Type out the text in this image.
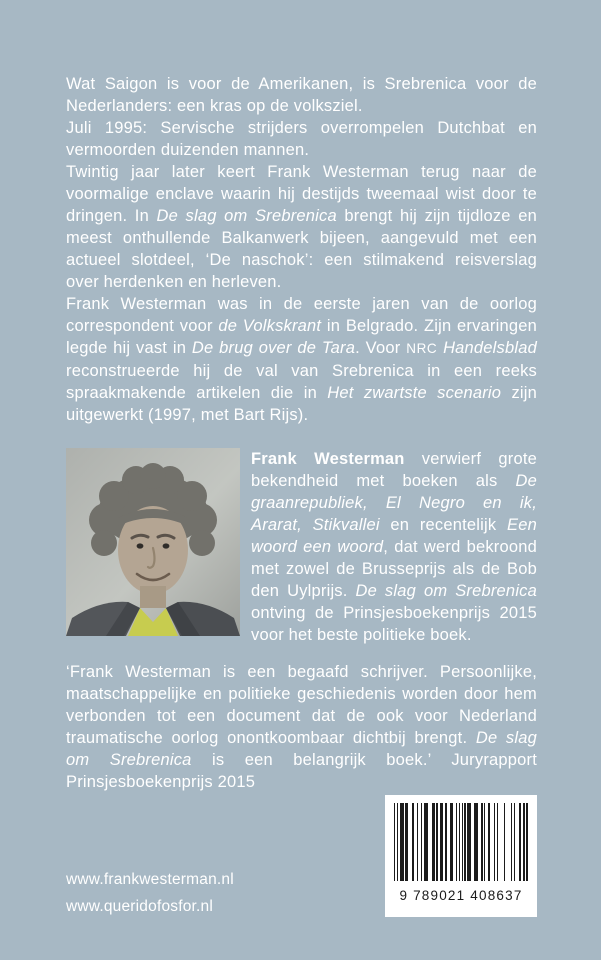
Wat Saigon is voor de Amerikanen, is Srebrenica voor de Nederlanders: een kras op de volksziel.

Juli 1995: Servische strijders overrompelen Dutchbat en vermoorden duizenden mannen.

Twintig jaar later keert Frank Westerman terug naar de voormalige enclave waarin hij destijds tweemaal wist door te dringen. In De slag om Srebrenica brengt hij zijn tijdloze en meest onthullende Balkanwerk bijeen, aangevuld met een actueel slotdeel, ‘De naschok’: een stilmakend reisverslag over herdenken en herleven.

Frank Westerman was in de eerste jaren van de oorlog correspondent voor de Volkskrant in Belgrado. Zijn ervaringen legde hij vast in De brug over de Tara. Voor NRC Handelsblad reconstrueerde hij de val van Srebrenica in een reeks spraakmakende artikelen die in Het zwartste scenario zijn uitgewerkt (1997, met Bart Rijs).

Frank Westerman verwierf grote bekendheid met boeken als De graanrepubliek, El Negro en ik, Ararat, Stikvallei en recentelijk Een woord een woord, dat werd bekroond met zowel de Brusseprijs als de Bob den Uylprijs. De slag om Srebrenica ontving de Prinsjesboekenprijs 2015 voor het beste politieke boek.

‘Frank Westerman is een begaafd schrijver. Persoonlijke, maatschappelijke en politieke geschiedenis worden door hem verbonden tot een document dat de ook voor Nederland traumatische oorlog onontkoombaar dichtbij brengt. De slag om Srebrenica is een belangrijk boek.’ Juryrapport Prinsjesboekenprijs 2015

www.frankwesterman.nl
www.queridofosfor.nl
9 789021 408637
